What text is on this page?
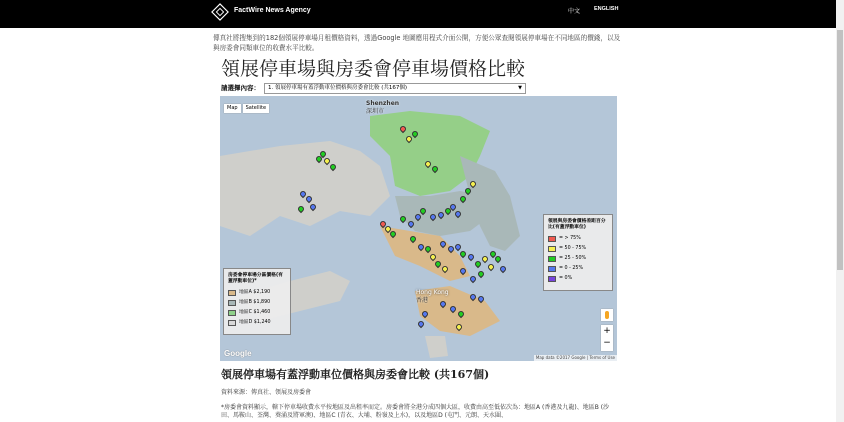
FactWire News Agency	中文	ENGLISH

傳真社將搜集到的182個領展停車場月租價格資料，透過Google 地圖應用程式介面公開，方便公眾查閱領展停車場在不同地區的價錢，以及與房委會同類車位的收費水平比較。

領展停車場與房委會停車場價格比較
請選擇內容：	1. 領展停車場有蓋浮動車位價格與房委會比較 (共167個)	▼
Map	Satellite
Shenzhen
深圳市
Hong Kong
香港
房委會停車場分區價格(有蓋浮動車位)*
地區A $2,190
地區B $1,890
地區C $1,460
地區D $1,240
領展與房委會價格差距百分比(有蓋浮動車位)
= > 75%
= 50 - 75%
= 25 - 50%
= 0 - 25%
= 0%
+
−
Google	Map data ©2017 Google | Terms of Use
領展停車場有蓋浮動車位價格與房委會比較 (共167個)

資料來源：傳真社、領展及房委會

*房委會資料顯示，轄下停車場收費水平按地區及出租率而定。房委會將全港分成四個大區，收費由高至低依次為：地區A (香港及九龍)、地區B (沙田、馬鞍山、荃灣、葵涌及將軍澳)、地區C (青衣、大埔、粉嶺及上水)，以及地區D (屯門、元朗、天水圍、
